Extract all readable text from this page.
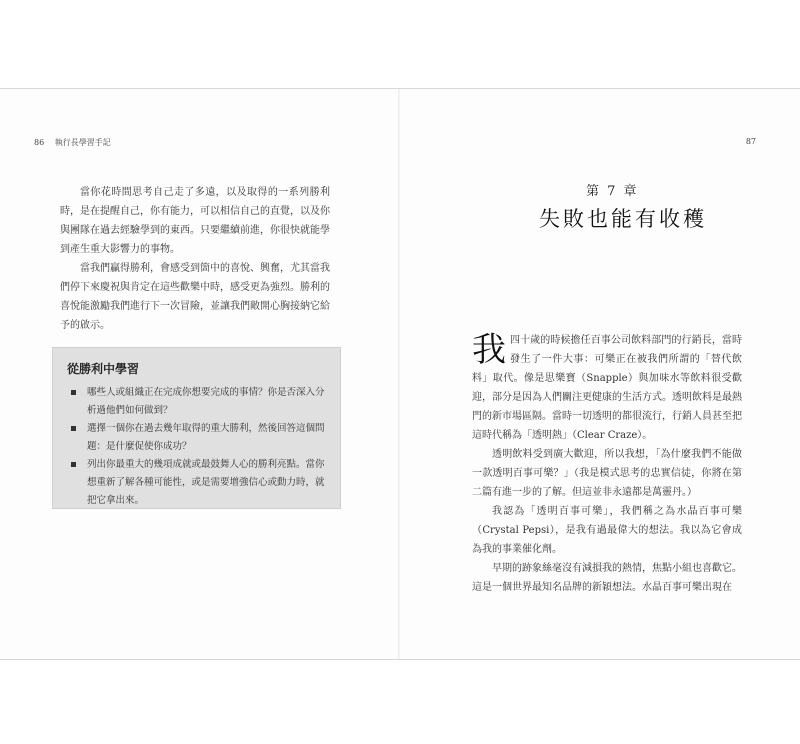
86 執行長學習手記

當你花時間思考自己走了多遠，以及取得的一系列勝利時，是在提醒自己，你有能力，可以相信自己的直覺，以及你與團隊在過去經驗學到的東西。只要繼續前進，你很快就能學到產生重大影響力的事物。

當我們贏得勝利，會感受到箇中的喜悅、興奮，尤其當我們停下來慶祝與肯定在這些歡樂中時，感受更為強烈。勝利的喜悅能激勵我們進行下一次冒險，並讓我們敞開心胸接納它給予的啟示。

從勝利中學習
哪些人或組織正在完成你想要完成的事情？你是否深入分析過他們如何做到？
選擇一個你在過去幾年取得的重大勝利，然後回答這個問題：是什麼促使你成功？
列出你最重大的幾項成就或最鼓舞人心的勝利亮點。當你想重新了解各種可能性，或是需要增強信心或動力時，就把它拿出來。
87
第 7 章
失敗也能有收穫

我四十歲的時候擔任百事公司飲料部門的行銷長，當時發生了一件大事：可樂正在被我們所謂的「替代飲料」取代。像是思樂寶（Snapple）與加味水等飲料很受歡迎，部分是因為人們關注更健康的生活方式。透明飲料是最熱門的新市場區隔。當時一切透明的都很流行，行銷人員甚至把這時代稱為「透明熱」（Clear Craze）。

透明飲料受到廣大歡迎，所以我想，「為什麼我們不能做一款透明百事可樂？」（我是模式思考的忠實信徒，你將在第二篇有進一步的了解。但這並非永遠都是萬靈丹。）

我認為「透明百事可樂」，我們稱之為水晶百事可樂（Crystal Pepsi），是我有過最偉大的想法。我以為它會成為我的事業催化劑。

早期的跡象絲毫沒有減損我的熱情，焦點小組也喜歡它。這是一個世界最知名品牌的新穎想法。水晶百事可樂出現在
